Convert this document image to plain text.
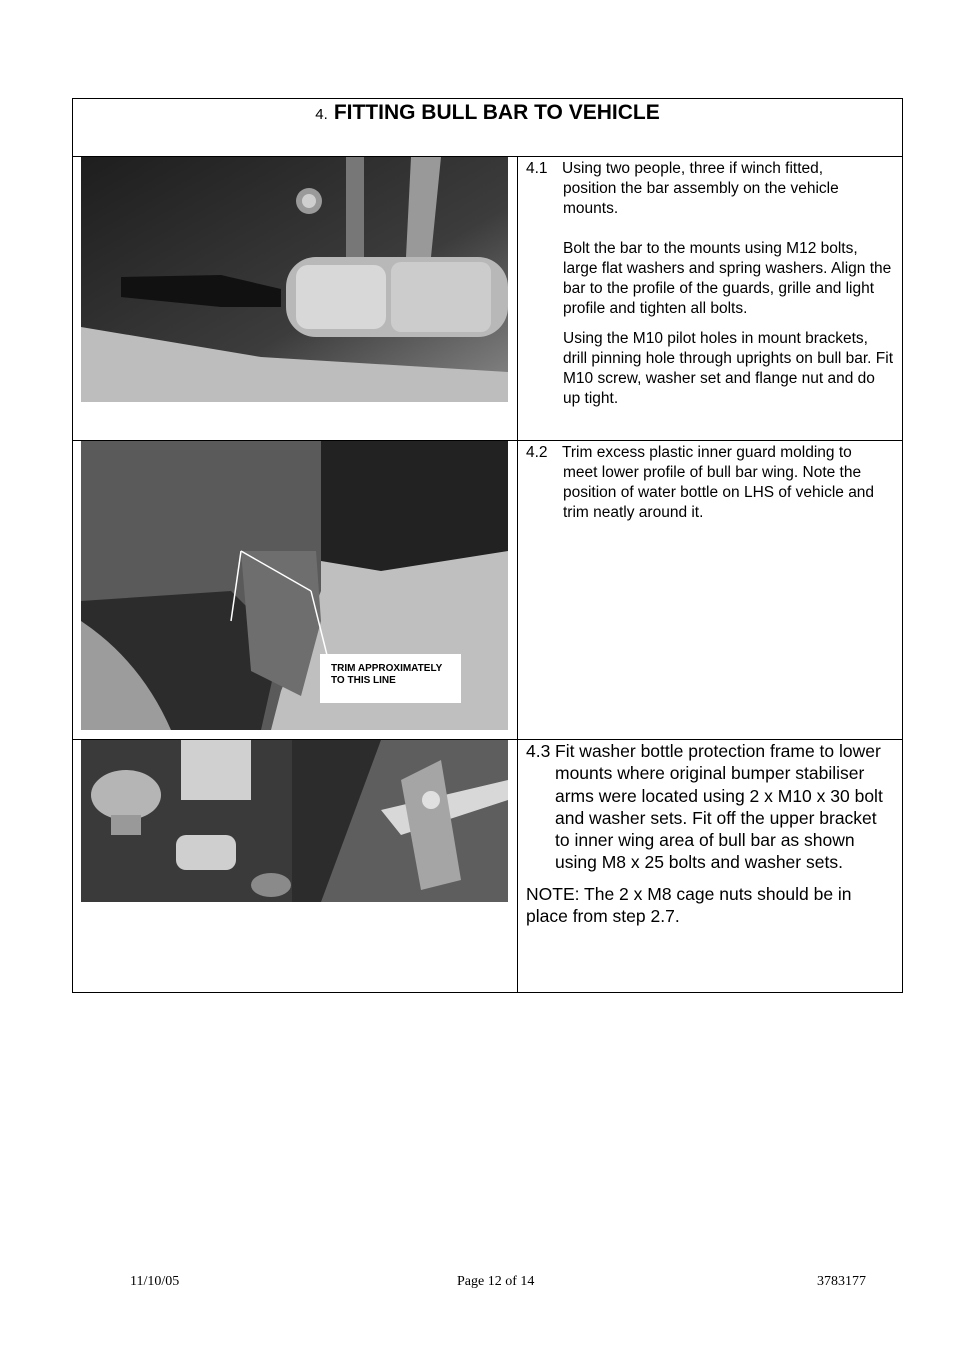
4. FITTING BULL BAR TO VEHICLE

4.1 Using two people, three if winch fitted,

position the bar assembly on the vehicle mounts.

Bolt the bar to the mounts using M12 bolts, large flat washers and spring washers. Align the bar to the profile of the guards, grille and light profile and tighten all bolts.

Using the M10 pilot holes in mount brackets, drill pinning hole through uprights on bull bar. Fit M10 screw, washer set and flange nut and do up tight.

TRIM APPROXIMATELY
TO THIS LINE

4.2 Trim excess plastic inner guard molding to

meet lower profile of bull bar wing. Note the position of water bottle on LHS of vehicle and trim neatly around it.

4.3 Fit washer bottle protection frame to lower mounts where original bumper stabiliser arms were located using 2 x M10 x 30 bolt and washer sets. Fit off the upper bracket to inner wing area of bull bar as shown using M8 x 25 bolts and washer sets.

NOTE: The 2 x M8 cage nuts should be in place from step 2.7.

11/10/05	Page 12 of 14	3783177
